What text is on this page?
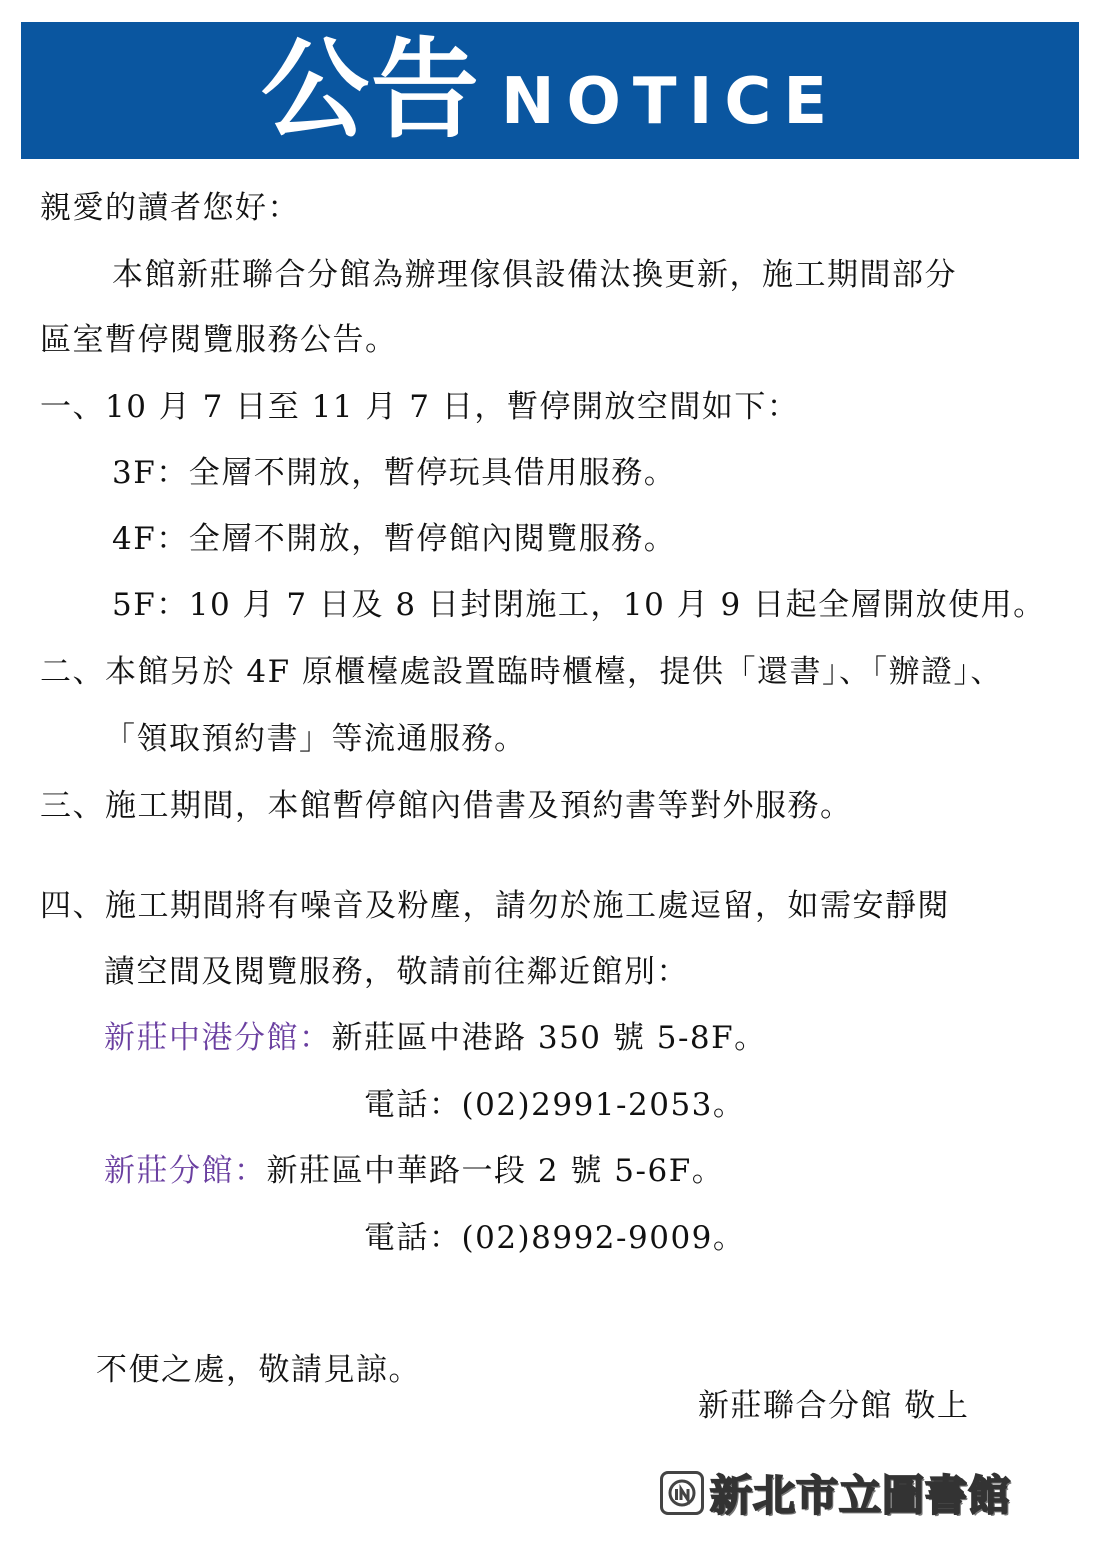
公告 NOTICE
親愛的讀者您好：
本館新莊聯合分館為辦理傢俱設備汰換更新，施工期間部分
區室暫停閱覽服務公告。
一、10 月 7 日至 11 月 7 日，暫停開放空間如下：
3F：全層不開放，暫停玩具借用服務。
4F：全層不開放，暫停館內閱覽服務。
5F：10 月 7 日及 8 日封閉施工，10 月 9 日起全層開放使用。
二、本館另於 4F 原櫃檯處設置臨時櫃檯，提供「還書」、「辦證」、
「領取預約書」等流通服務。
三、施工期間，本館暫停館內借書及預約書等對外服務。
四、施工期間將有噪音及粉塵，請勿於施工處逗留，如需安靜閱
讀空間及閱覽服務，敬請前往鄰近館別：
新莊中港分館：新莊區中港路 350 號 5-8F。
電話：(02)2991-2053。
新莊分館：新莊區中華路一段 2 號 5-6F。
電話：(02)8992-9009。
不便之處，敬請見諒。
新莊聯合分館 敬上
新北市立圖書館
